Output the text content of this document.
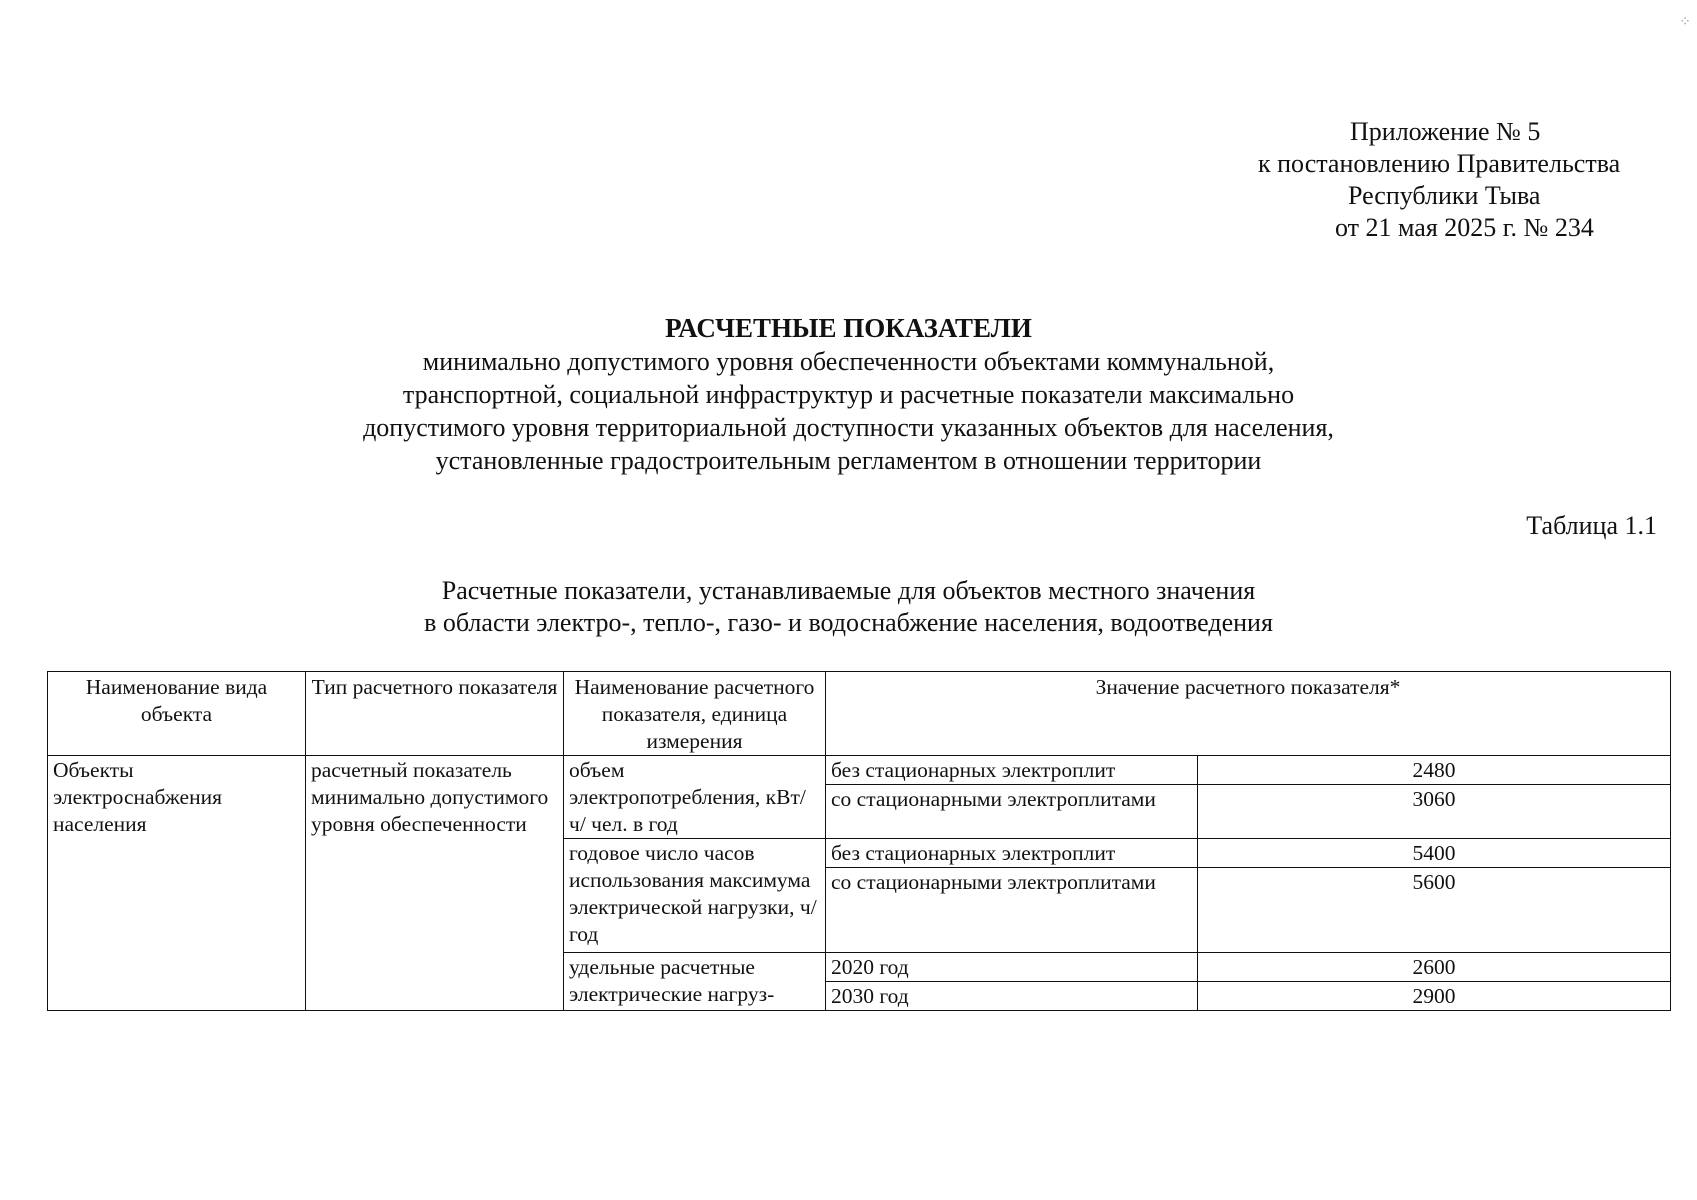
⁘
Приложение № 5
к постановлению Правительства
Республики Тыва
от 21 мая 2025 г. № 234
РАСЧЕТНЫЕ ПОКАЗАТЕЛИ
минимально допустимого уровня обеспеченности объектами коммунальной,
транспортной, социальной инфраструктур и расчетные показатели максимально
допустимого уровня территориальной доступности указанных объектов для населения,
установленные градостроительным регламентом в отношении территории
Таблица 1.1
Расчетные показатели, устанавливаемые для объектов местного значения
в области электро-, тепло-, газо- и водоснабжение населения, водоотведения
Наименование вида объекта	Тип расчетного показателя	Наименование расчетного показателя, единица измерения	Значение расчетного показателя*	
Объекты электроснабжения населения	расчетный показатель минимально допустимого уровня обеспеченности	объем электропотребления, кВт/ч/ чел. в год	без стационарных электроплит	2480
			со стационарными электроплитами	3060
		годовое число часов использования максимума электрической нагрузки, ч/год	без стационарных электроплит	5400
			со стационарными электроплитами	5600
		удельные расчетные электрические нагруз-	2020 год	2600
			2030 год	2900
